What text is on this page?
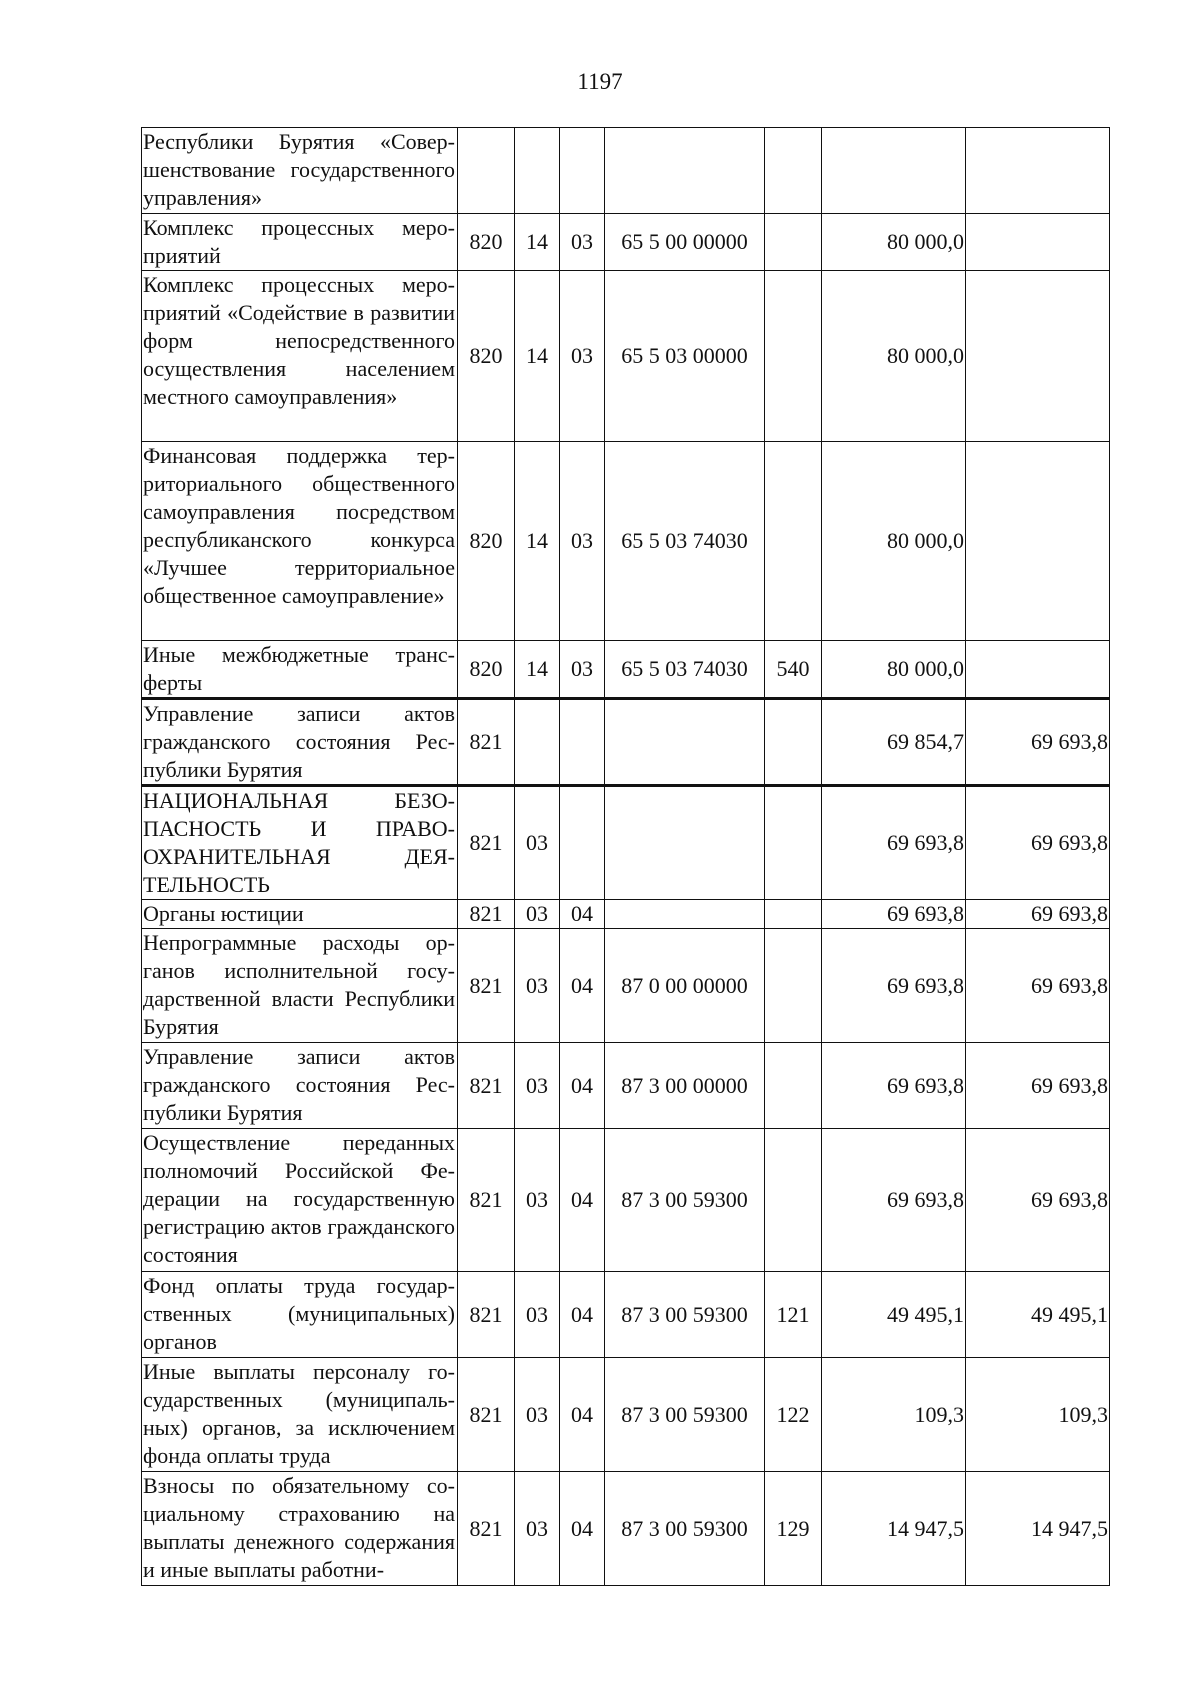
1197
Республики Бурятия «Совершенствование государственного управления»							
Комплекс процессных мероприятий	820	14	03	65 5 00 00000		80 000,0	
Комплекс процессных мероприятий «Содействие в развитии форм непосредственного осуществления населением местного самоуправления»	820	14	03	65 5 03 00000		80 000,0	
Финансовая поддержка территориального общественного самоуправления посредством республиканского конкурса «Лучшее территориальное общественное самоуправление»	820	14	03	65 5 03 74030		80 000,0	
Иные межбюджетные трансферты	820	14	03	65 5 03 74030	540	80 000,0	
Управление записи актов гражданского состояния Республики Бурятия	821					69 854,7	69 693,8
НАЦИОНАЛЬНАЯ БЕЗОПАСНОСТЬ И ПРАВООХРАНИТЕЛЬНАЯ ДЕЯТЕЛЬНОСТЬ	821	03				69 693,8	69 693,8
Органы юстиции	821	03	04			69 693,8	69 693,8
Непрограммные расходы органов исполнительной государственной власти Республики Бурятия	821	03	04	87 0 00 00000		69 693,8	69 693,8
Управление записи актов гражданского состояния Республики Бурятия	821	03	04	87 3 00 00000		69 693,8	69 693,8
Осуществление переданных полномочий Российской Федерации на государственную регистрацию актов гражданского состояния	821	03	04	87 3 00 59300		69 693,8	69 693,8
Фонд оплаты труда государственных (муниципальных) органов	821	03	04	87 3 00 59300	121	49 495,1	49 495,1
Иные выплаты персоналу государственных (муниципальных) органов, за исключением фонда оплаты труда	821	03	04	87 3 00 59300	122	109,3	109,3
Взносы по обязательному социальному страхованию на выплаты денежного содержания и иные выплаты работни-	821	03	04	87 3 00 59300	129	14 947,5	14 947,5
